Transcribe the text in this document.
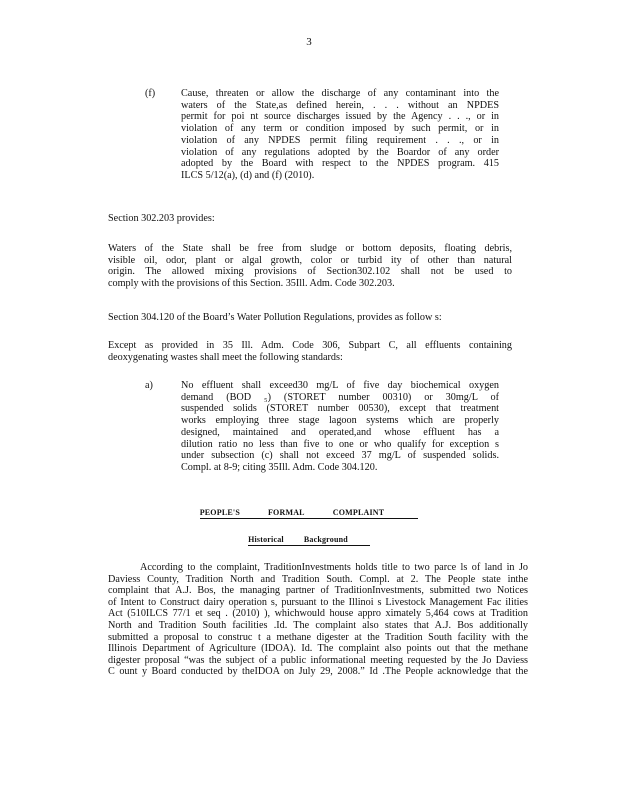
3
(f)	Cause, threaten or allow the discharge of any contaminant into the
waters of the State,as defined herein, . . . without an NPDES
permit for poi nt source discharges issued by the Agency . . ., or in
violation of any term or condition imposed by such permit, or in
violation of any NPDES permit filing requirement . . ., or in
violation of any regulations adopted by the Boardor of any order
adopted by the Board with respect to the NPDES program. 415
ILCS 5/12(a), (d) and (f) (2010).
Section 302.203 provides:
Waters of the State shall be free from sludge or bottom deposits, floating debris,
visible oil, odor, plant or algal growth, color or turbid ity of other than natural
origin. The allowed mixing provisions of Section302.102 shall not be used to
comply with the provisions of this Section. 35Ill. Adm. Code 302.203.
Section 304.120 of the Board’s Water Pollution Regulations, provides as follow s:
Except as provided in 35 Ill. Adm. Code 306, Subpart C, all effluents containing
deoxygenating wastes shall meet the following standards:
a)	No effluent shall exceed30 mg/L of five day biochemical oxygen
demand (BOD ₅) (STORET number 00310) or 30mg/L of
suspended solids (STORET number 00530), except that treatment
works employing three stage lagoon systems which are properly
designed, maintained and operated,and whose effluent has a
dilution ratio no less than five to one or who qualify for exception s
under subsection (c) shall not exceed 37 mg/L of suspended solids.
Compl. at 8-9; citing 35Ill. Adm. Code 304.120.
PEOPLE'S	FORMAL	COMPLAINT
Historical	Background
According to the complaint, TraditionInvestments holds title to two parce ls of land in Jo
Daviess County, Tradition North and Tradition South. Compl. at 2. The People state inthe
complaint that A.J. Bos, the managing partner of TraditionInvestments, submitted two Notices
of Intent to Construct dairy operation s, pursuant to the Illinoi s Livestock Management Fac ilities
Act (510ILCS 77/1 et seq . (2010) ), whichwould house appro ximately 5,464 cows at Tradition
North and Tradition South facilities .Id. The complaint also states that A.J. Bos additionally
submitted a proposal to construc t a methane digester at the Tradition South facility with the
Illinois Department of Agriculture (IDOA). Id. The complaint also points out that the methane
digester proposal “was the subject of a public informational meeting requested by the Jo Daviess
C ount y Board conducted by theIDOA on July 29, 2008.” Id .The People acknowledge that the
